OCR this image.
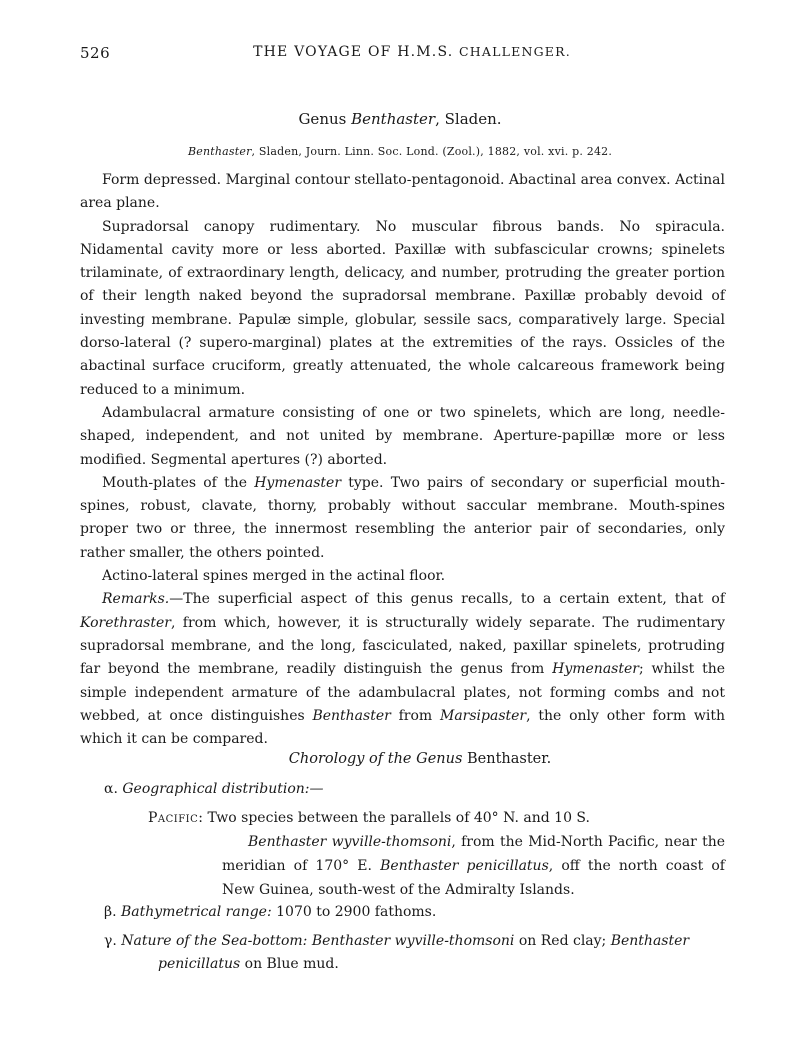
526	THE VOYAGE OF H.M.S. CHALLENGER.
Genus Benthaster, Sladen.
Benthaster, Sladen, Journ. Linn. Soc. Lond. (Zool.), 1882, vol. xvi. p. 242.

Form depressed. Marginal contour stellato-pentagonoid. Abactinal area convex. Actinal area plane.

Supradorsal canopy rudimentary. No muscular fibrous bands. No spiracula. Nidamental cavity more or less aborted. Paxillæ with subfascicular crowns; spinelets trilaminate, of extraordinary length, delicacy, and number, protruding the greater portion of their length naked beyond the supradorsal membrane. Paxillæ probably devoid of investing membrane. Papulæ simple, globular, sessile sacs, comparatively large. Special dorso-lateral (? supero-marginal) plates at the extremities of the rays. Ossicles of the abactinal surface cruciform, greatly attenuated, the whole calcareous framework being reduced to a minimum.

Adambulacral armature consisting of one or two spinelets, which are long, needle-shaped, independent, and not united by membrane. Aperture-papillæ more or less modified. Segmental apertures (?) aborted.

Mouth-plates of the Hymenaster type. Two pairs of secondary or superficial mouth-spines, robust, clavate, thorny, probably without saccular membrane. Mouth-spines proper two or three, the innermost resembling the anterior pair of secondaries, only rather smaller, the others pointed.

Actino-lateral spines merged in the actinal floor.

Remarks.—The superficial aspect of this genus recalls, to a certain extent, that of Korethraster, from which, however, it is structurally widely separate. The rudimentary supradorsal membrane, and the long, fasciculated, naked, paxillar spinelets, protruding far beyond the membrane, readily distinguish the genus from Hymenaster; whilst the simple independent armature of the adambulacral plates, not forming combs and not webbed, at once distinguishes Benthaster from Marsipaster, the only other form with which it can be compared.

Chorology of the Genus Benthaster.
α. Geographical distribution:—
Pacific: Two species between the parallels of 40° N. and 10 S.

Benthaster wyville-thomsoni, from the Mid-North Pacific, near the meridian of 170° E. Benthaster penicillatus, off the north coast of New Guinea, south-west of the Admiralty Islands.

β. Bathymetrical range: 1070 to 2900 fathoms.
γ. Nature of the Sea-bottom: Benthaster wyville-thomsoni on Red clay; Benthaster
penicillatus on Blue mud.
